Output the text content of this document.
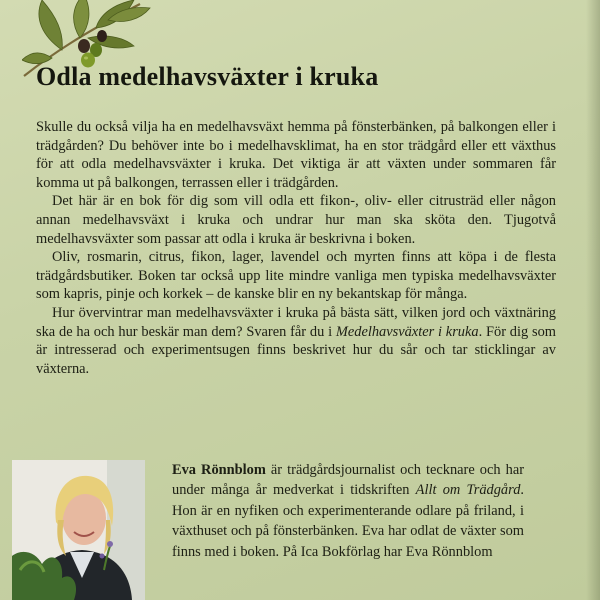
Odla medelhavsväxter i kruka

Skulle du också vilja ha en medelhavsväxt hemma på fönsterbänken, på balkongen eller i trädgården? Du behöver inte bo i medelhavsklimat, ha en stor trädgård eller ett växthus för att odla medelhavsväxter i kruka. Det viktiga är att växten under sommaren får komma ut på balkongen, terrassen eller i trädgården.

Det här är en bok för dig som vill odla ett fikon-, oliv- eller citrusträd eller någon annan medelhavsväxt i kruka och undrar hur man ska sköta den. Tjugotvå medelhavsväxter som passar att odla i kruka är beskrivna i boken.

Oliv, rosmarin, citrus, fikon, lager, lavendel och myrten finns att köpa i de flesta trädgårdsbutiker. Boken tar också upp lite mindre vanliga men typiska medelhavsväxter som kapris, pinje och korkek – de kanske blir en ny bekantskap för många.

Hur övervintrar man medelhavsväxter i kruka på bästa sätt, vilken jord och växtnäring ska de ha och hur beskär man dem? Svaren får du i Medelhavsväxter i kruka. För dig som är intresserad och experimentsugen finns beskrivet hur du sår och tar sticklingar av växterna.

Eva Rönnblom är trädgårdsjournalist och tecknare och har under många år medverkat i tidskriften Allt om Trädgård. Hon är en nyfiken och experimenterande odlare på friland, i växthuset och på fönsterbänken. Eva har odlat de växter som finns med i boken. På Ica Bokförlag har Eva Rönnblom
